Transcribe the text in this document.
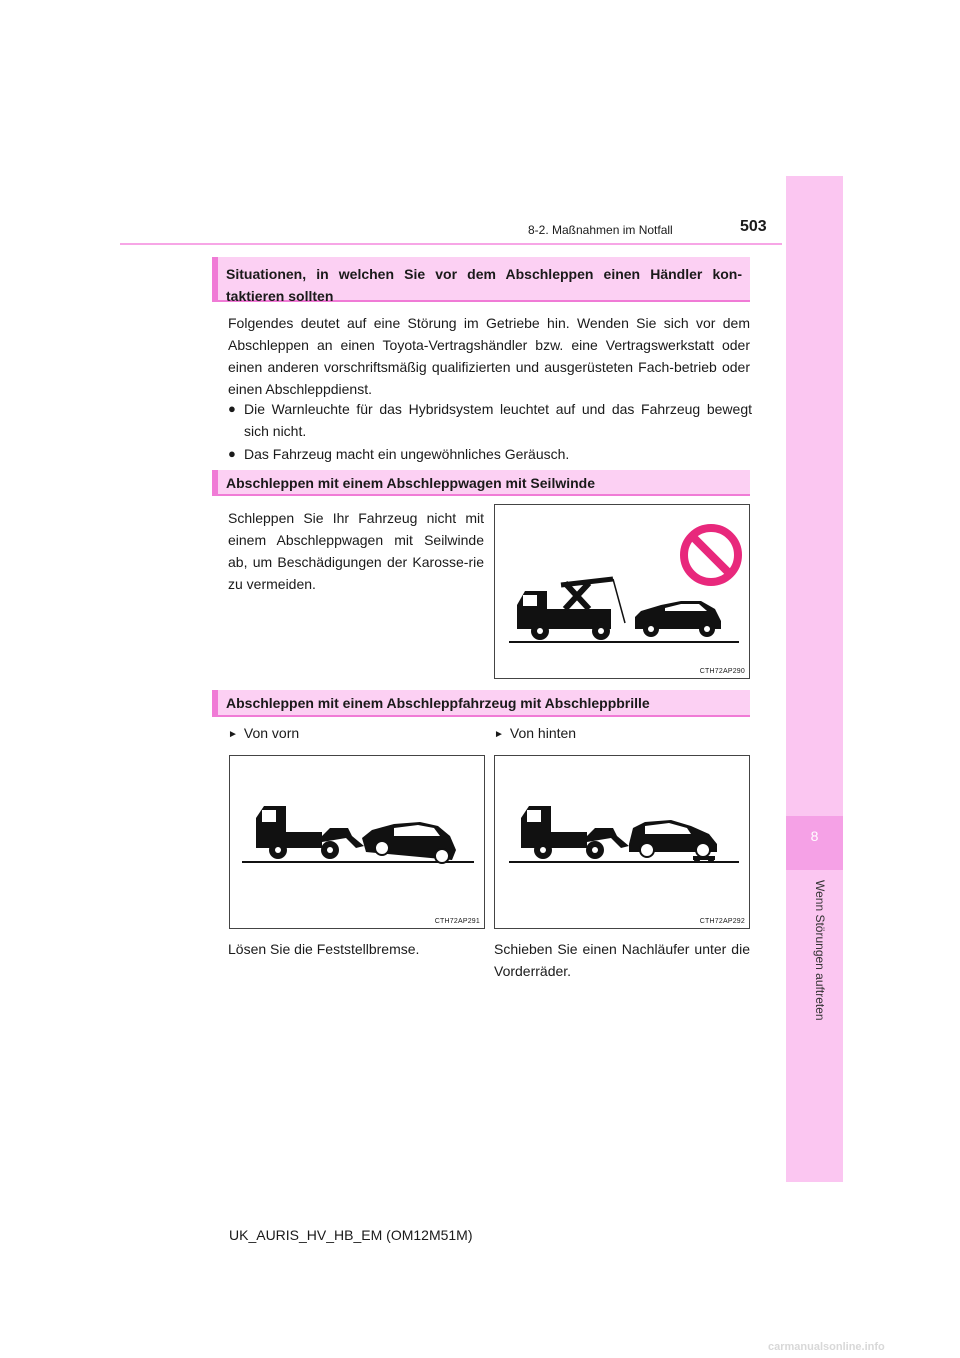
8
Wenn Störungen auftreten
8-2. Maßnahmen im Notfall	503
Situationen, in welchen Sie vor dem Abschleppen einen Händler kon-taktieren sollten
Folgendes deutet auf eine Störung im Getriebe hin. Wenden Sie sich vor dem Abschleppen an einen Toyota-Vertragshändler bzw. eine Vertragswerkstatt oder einen anderen vorschriftsmäßig qualifizierten und ausgerüsteten Fach-betrieb oder einen Abschleppdienst.
● Die Warnleuchte für das Hybridsystem leuchtet auf und das Fahrzeug bewegt sich nicht.
● Das Fahrzeug macht ein ungewöhnliches Geräusch.
Abschleppen mit einem Abschleppwagen mit Seilwinde
Schleppen Sie Ihr Fahrzeug nicht mit einem Abschleppwagen mit Seilwinde ab, um Beschädigungen der Karosse-rie zu vermeiden.
CTH72AP290
Abschleppen mit einem Abschleppfahrzeug mit Abschleppbrille
► Von vorn	► Von hinten
CTH72AP291	CTH72AP292
Lösen Sie die Feststellbremse.	Schieben Sie einen Nachläufer unter die Vorderräder.
UK_AURIS_HV_HB_EM (OM12M51M)
carmanualsonline.info
